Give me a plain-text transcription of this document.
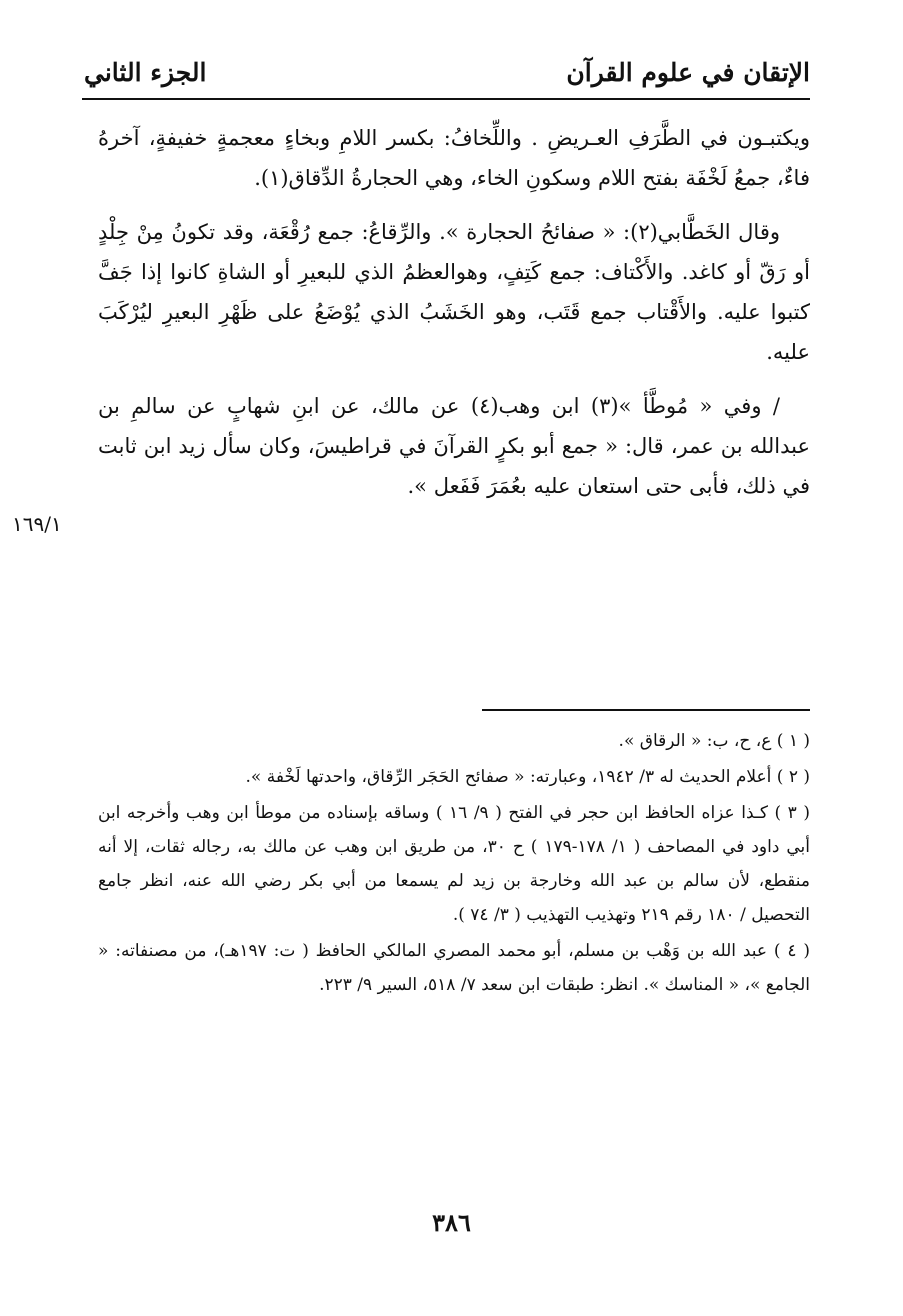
الإتقان في علوم القرآن
الجزء الثاني

ويكتبـون في الطَّرَفِ العـريضِ . واللِّخافُ: بكسر اللامِ وبخاءٍ معجمةٍ خفيفةٍ، آخرهُ فاءٌ، جمعُ لَخْفَة بفتح اللام وسكونِ الخاء، وهي الحجارةُ الدِّقاق(١).

وقال الخَطَّابي(٢): « صفائحُ الحجارة ». والرِّقاعُ: جمع رُقْعَة، وقد تكونُ مِنْ جِلْدٍ أو رَقّ أو كاغد. والأَكْتاف: جمع كَتِفٍ، وهوالعظمُ الذي للبعيرِ أو الشاةِ كانوا إذا جَفَّ كتبوا عليه. والأَقْتاب جمع قَتَب، وهو الخَشَبُ الذي يُوْضَعُ على ظَهْرِ البعيرِ ليُرْكَبَ عليه.

/ وفي « مُوطَّأ »(٣) ابن وهب(٤) عن مالك، عن ابنِ شهابٍ عن سالمِ بن عبدالله بن عمر، قال: « جمع أبو بكرٍ القرآنَ في قراطيسَ، وكان سأل زيد ابن ثابت في ذلك، فأبى حتى استعان عليه بعُمَرَ فَفَعل ».

١٦٩/١
( ١ ) ع، ح، ب: « الرقاق ».
( ٢ ) أعلام الحديث له ٣/ ١٩٤٢، وعبارته: « صفائح الحَجَر الرِّقاق، واحدتها لَخْفة ».
( ٣ ) كـذا عزاه الحافظ ابن حجر في الفتح ( ٩/ ١٦ ) وساقه بإسناده من موطأ ابن وهب وأخرجه ابن أبي داود في المصاحف ( ١/ ١٧٨-١٧٩ ) ح ٣٠، من طريق ابن وهب عن مالك به، رجاله ثقات، إلا أنه منقطع، لأن سالم بن عبد الله وخارجة بن زيد لم يسمعا من أبي بكر رضي الله عنه، انظر جامع التحصيل / ١٨٠ رقم ٢١٩ وتهذيب التهذيب ( ٣/ ٧٤ ).
( ٤ ) عبد الله بن وَهْب بن مسلم، أبو محمد المصري المالكي الحافظ ( ت: ١٩٧هـ)، من مصنفاته: « الجامع »، « المناسك ». انظر: طبقات ابن سعد ٧/ ٥١٨، السير ٩/ ٢٢٣.
٣٨٦
